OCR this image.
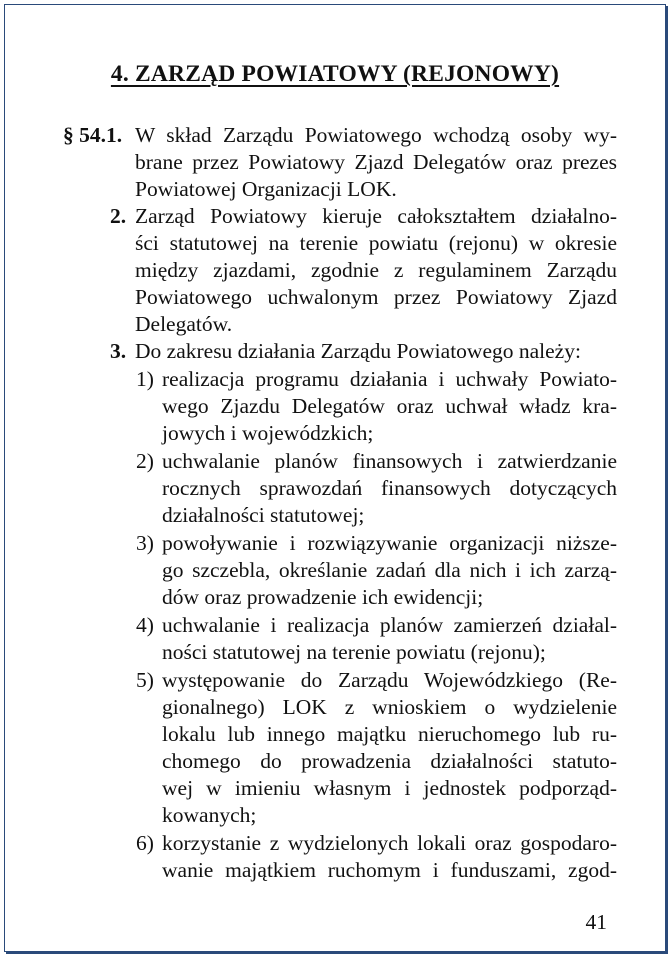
4. ZARZĄD POWIATOWY (REJONOWY)
§ 54.1. W skład Zarządu Powiatowego wchodzą osoby wy-
brane przez Powiatowy Zjazd Delegatów oraz prezes
Powiatowej Organizacji LOK.
2. Zarząd Powiatowy kieruje całokształtem działalno-
ści statutowej na terenie powiatu (rejonu) w okresie
między zjazdami, zgodnie z regulaminem Zarządu
Powiatowego uchwalonym przez Powiatowy Zjazd
Delegatów.
3. Do zakresu działania Zarządu Powiatowego należy:
1) realizacja programu działania i uchwały Powiato-
wego Zjazdu Delegatów oraz uchwał władz kra-
jowych i wojewódzkich;
2) uchwalanie planów finansowych i zatwierdzanie
rocznych sprawozdań finansowych dotyczących
działalności statutowej;
3) powoływanie i rozwiązywanie organizacji niższe-
go szczebla, określanie zadań dla nich i ich zarzą-
dów oraz prowadzenie ich ewidencji;
4) uchwalanie i realizacja planów zamierzeń działal-
ności statutowej na terenie powiatu (rejonu);
5) występowanie do Zarządu Wojewódzkiego (Re-
gionalnego) LOK z wnioskiem o wydzielenie
lokalu lub innego majątku nieruchomego lub ru-
chomego do prowadzenia działalności statuto-
wej w imieniu własnym i jednostek podporząd-
kowanych;
6) korzystanie z wydzielonych lokali oraz gospodaro-
wanie majątkiem ruchomym i funduszami, zgod-
41
